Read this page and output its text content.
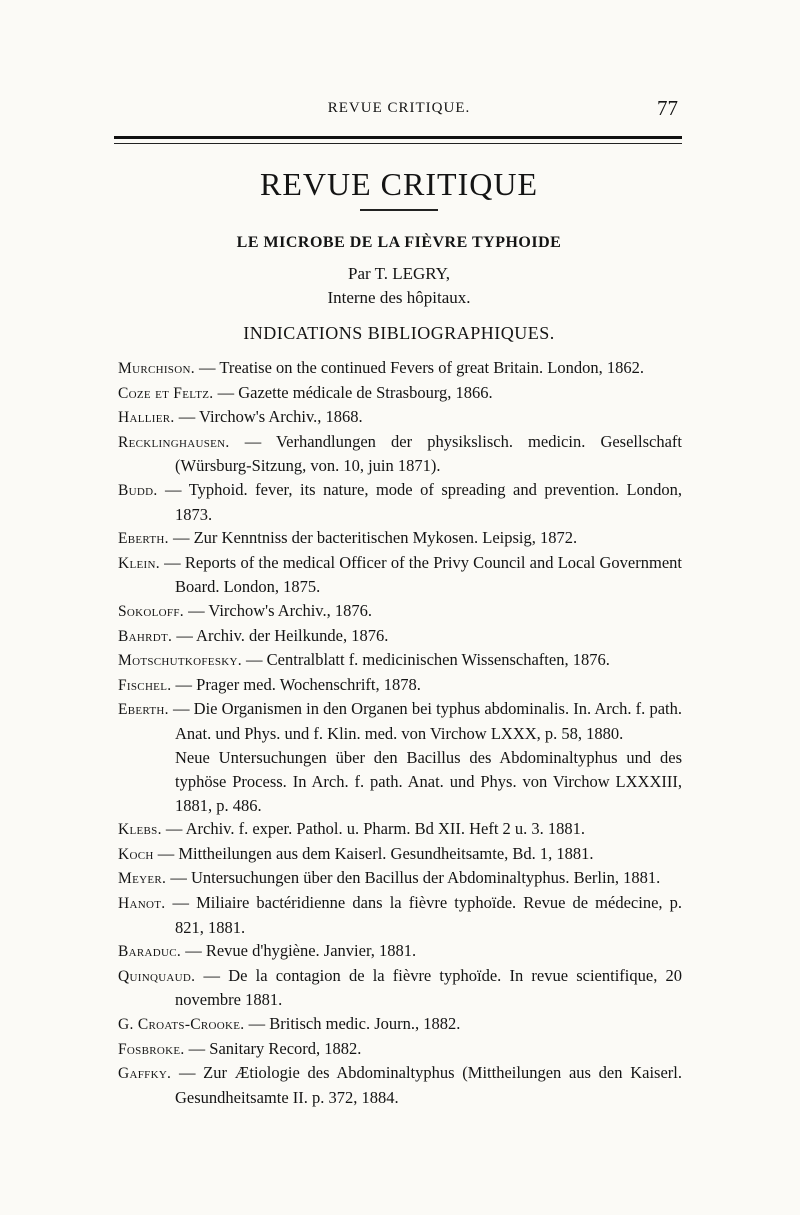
REVUE CRITIQUE.	77
REVUE CRITIQUE
LE MICROBE DE LA FIÈVRE TYPHOIDE
Par T. LEGRY,
Interne des hôpitaux.
INDICATIONS BIBLIOGRAPHIQUES.
Murchison. — Treatise on the continued Fevers of great Britain. London, 1862.
Coze et Feltz. — Gazette médicale de Strasbourg, 1866.
Hallier. — Virchow's Archiv., 1868.
Recklinghausen. — Verhandlungen der physikslisch. medicin. Gesellschaft (Würsburg-Sitzung, von. 10, juin 1871).
Budd. — Typhoid. fever, its nature, mode of spreading and prevention. London, 1873.
Eberth. — Zur Kenntniss der bacteritischen Mykosen. Leipsig, 1872.
Klein. — Reports of the medical Officer of the Privy Council and Local Government Board. London, 1875.
Sokoloff. — Virchow's Archiv., 1876.
Bahrdt. — Archiv. der Heilkunde, 1876.
Motschutkofesky. — Centralblatt f. medicinischen Wissenschaften, 1876.
Fischel. — Prager med. Wochenschrift, 1878.
Eberth. — Die Organismen in den Organen bei typhus abdominalis. In. Arch. f. path. Anat. und Phys. und f. Klin. med. von Virchow LXXX, p. 58, 1880.
Neue Untersuchungen über den Bacillus des Abdominaltyphus und des typhöse Process. In Arch. f. path. Anat. und Phys. von Virchow LXXXIII, 1881, p. 486.
Klebs. — Archiv. f. exper. Pathol. u. Pharm. Bd XII. Heft 2 u. 3. 1881.
Koch — Mittheilungen aus dem Kaiserl. Gesundheitsamte, Bd. 1, 1881.
Meyer. — Untersuchungen über den Bacillus der Abdominaltyphus. Berlin, 1881.
Hanot. — Miliaire bactéridienne dans la fièvre typhoïde. Revue de médecine, p. 821, 1881.
Baraduc. — Revue d'hygiène. Janvier, 1881.
Quinquaud. — De la contagion de la fièvre typhoïde. In revue scientifique, 20 novembre 1881.
G. Croats-Crooke. — Britisch medic. Journ., 1882.
Fosbroke. — Sanitary Record, 1882.
Gaffky. — Zur Ætiologie des Abdominaltyphus (Mittheilungen aus den Kaiserl. Gesundheitsamte II. p. 372, 1884.
